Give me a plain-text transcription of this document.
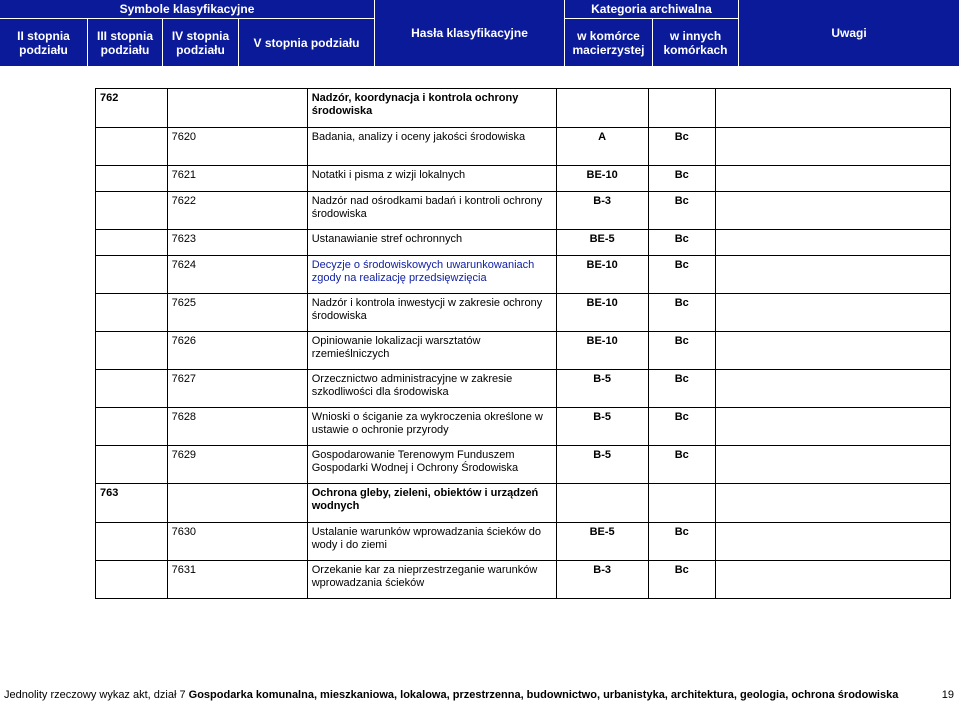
Symbole klasyfikacyjne
II stopnia podziału
III stopnia podziału
IV stopnia podziału	V stopnia podziału
Hasła klasyfikacyjne
Kategoria archiwalna
w komórce macierzystej
w innych komórkach
Uwagi
762		Nadzór, koordynacja i kontrola ochrony środowiska			
	7620	Badania, analizy i oceny jakości środowiska	A	Bc	
	7621	Notatki i pisma z wizji lokalnych	BE-10	Bc	
	7622	Nadzór nad ośrodkami badań i kontroli ochrony środowiska	B-3	Bc	
	7623	Ustanawianie stref ochronnych	BE-5	Bc	
	7624	Decyzje o środowiskowych uwarunkowaniach zgody na realizację przedsięwzięcia	BE-10	Bc	
	7625	Nadzór i kontrola inwestycji w zakresie ochrony środowiska	BE-10	Bc	
	7626	Opiniowanie lokalizacji warsztatów rzemieślniczych	BE-10	Bc	
	7627	Orzecznictwo administracyjne w zakresie szkodliwości dla środowiska	B-5	Bc	
	7628	Wnioski o ściganie za wykroczenia określone w ustawie o ochronie przyrody	B-5	Bc	
	7629	Gospodarowanie Terenowym Funduszem Gospodarki Wodnej i Ochrony Środowiska	B-5	Bc	
763		Ochrona gleby, zieleni, obiektów i urządzeń wodnych			
	7630	Ustalanie warunków wprowadzania ścieków do wody i do ziemi	BE-5	Bc	
	7631	Orzekanie kar za nieprzestrzeganie warunków wprowadzania ścieków	B-3	Bc	
Jednolity rzeczowy wykaz akt, dział 7 Gospodarka komunalna, mieszkaniowa, lokalowa, przestrzenna, budownictwo, urbanistyka, architektura, geologia, ochrona środowiska	19
